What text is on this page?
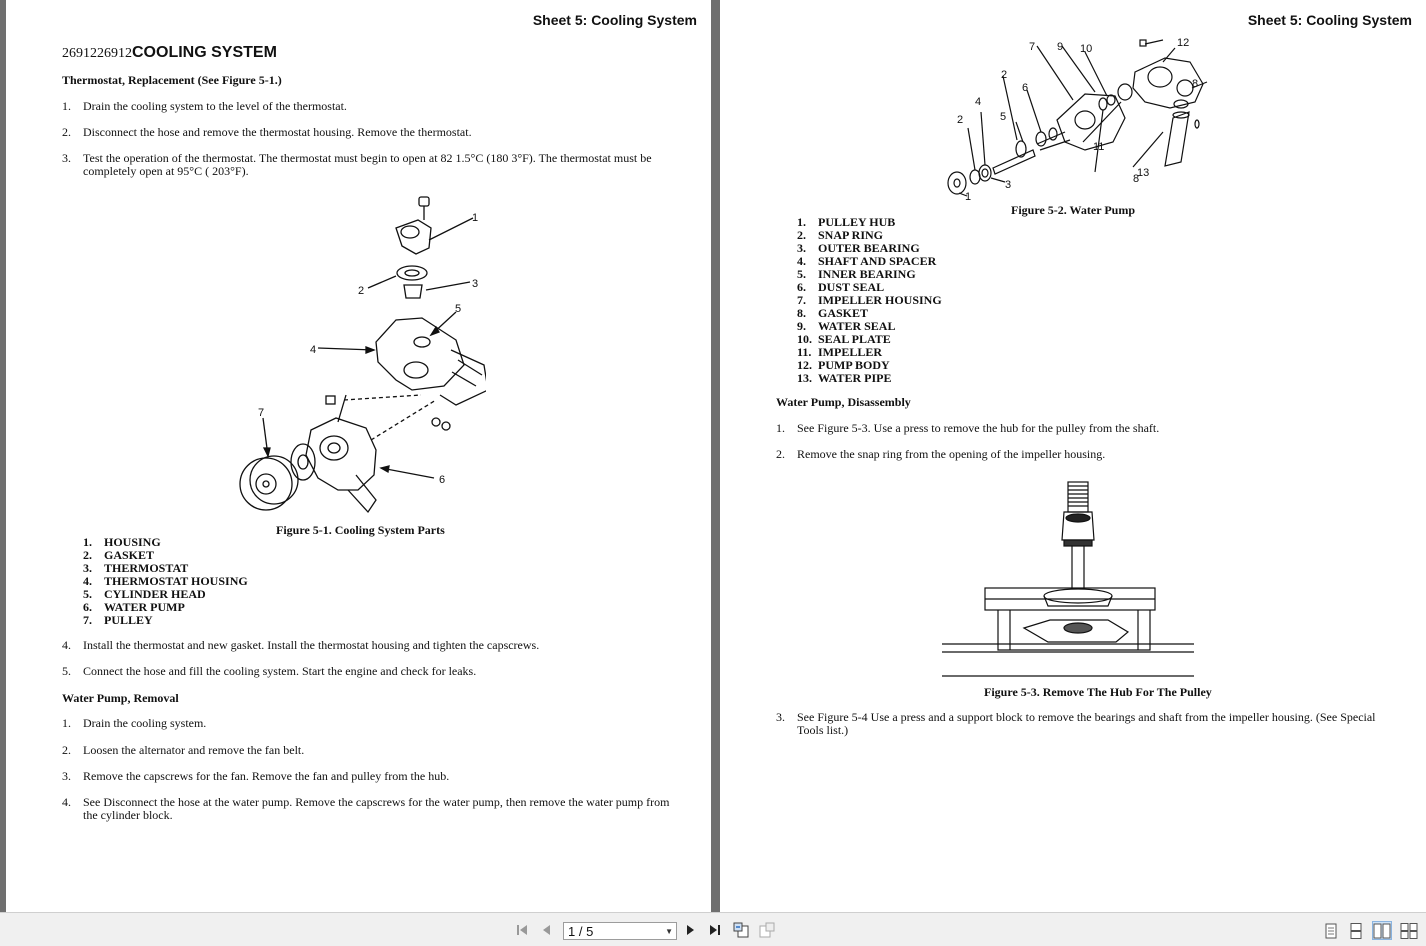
Sheet 5: Cooling System
2691226912COOLING SYSTEM
Thermostat, Replacement (See Figure 5-1.)
1. Drain the cooling system to the level of the thermostat.
2. Disconnect the hose and remove the thermostat housing. Remove the thermostat.
3. Test the operation of the thermostat. The thermostat must begin to open at 82 1.5°C (180 3°F). The thermostat must be
completely open at 95°C ( 203°F).
1
2
3
4
5
6
7
Figure 5-1. Cooling System Parts
1. HOUSING
2. GASKET
3. THERMOSTAT
4. THERMOSTAT HOUSING
5. CYLINDER HEAD
6. WATER PUMP
7. PULLEY
4. Install the thermostat and new gasket. Install the thermostat housing and tighten the capscrews.
5. Connect the hose and fill the cooling system. Start the engine and check for leaks.
Water Pump, Removal
1. Drain the cooling system.
2. Loosen the alternator and remove the fan belt.
3. Remove the capscrews for the fan. Remove the fan and pulley from the hub.
4. See Disconnect the hose at the water pump. Remove the capscrews for the water pump, then remove the water pump from
the cylinder block.
Sheet 5: Cooling System
1
2
2
3
4
5
6
7
8
8
9 10
11
12
13
Figure 5-2. Water Pump
1. PULLEY HUB
2. SNAP RING
3. OUTER BEARING
4. SHAFT AND SPACER
5. INNER BEARING
6. DUST SEAL
7. IMPELLER HOUSING
8. GASKET
9. WATER SEAL
10. SEAL PLATE
11. IMPELLER
12. PUMP BODY
13. WATER PIPE
Water Pump, Disassembly
1. See Figure 5-3. Use a press to remove the hub for the pulley from the shaft.
2. Remove the snap ring from the opening of the impeller housing.
Figure 5-3. Remove The Hub For The Pulley
3. See Figure 5-4 Use a press and a support block to remove the bearings and shaft from the impeller housing. (See Special
Tools list.)
1 / 5	▼
